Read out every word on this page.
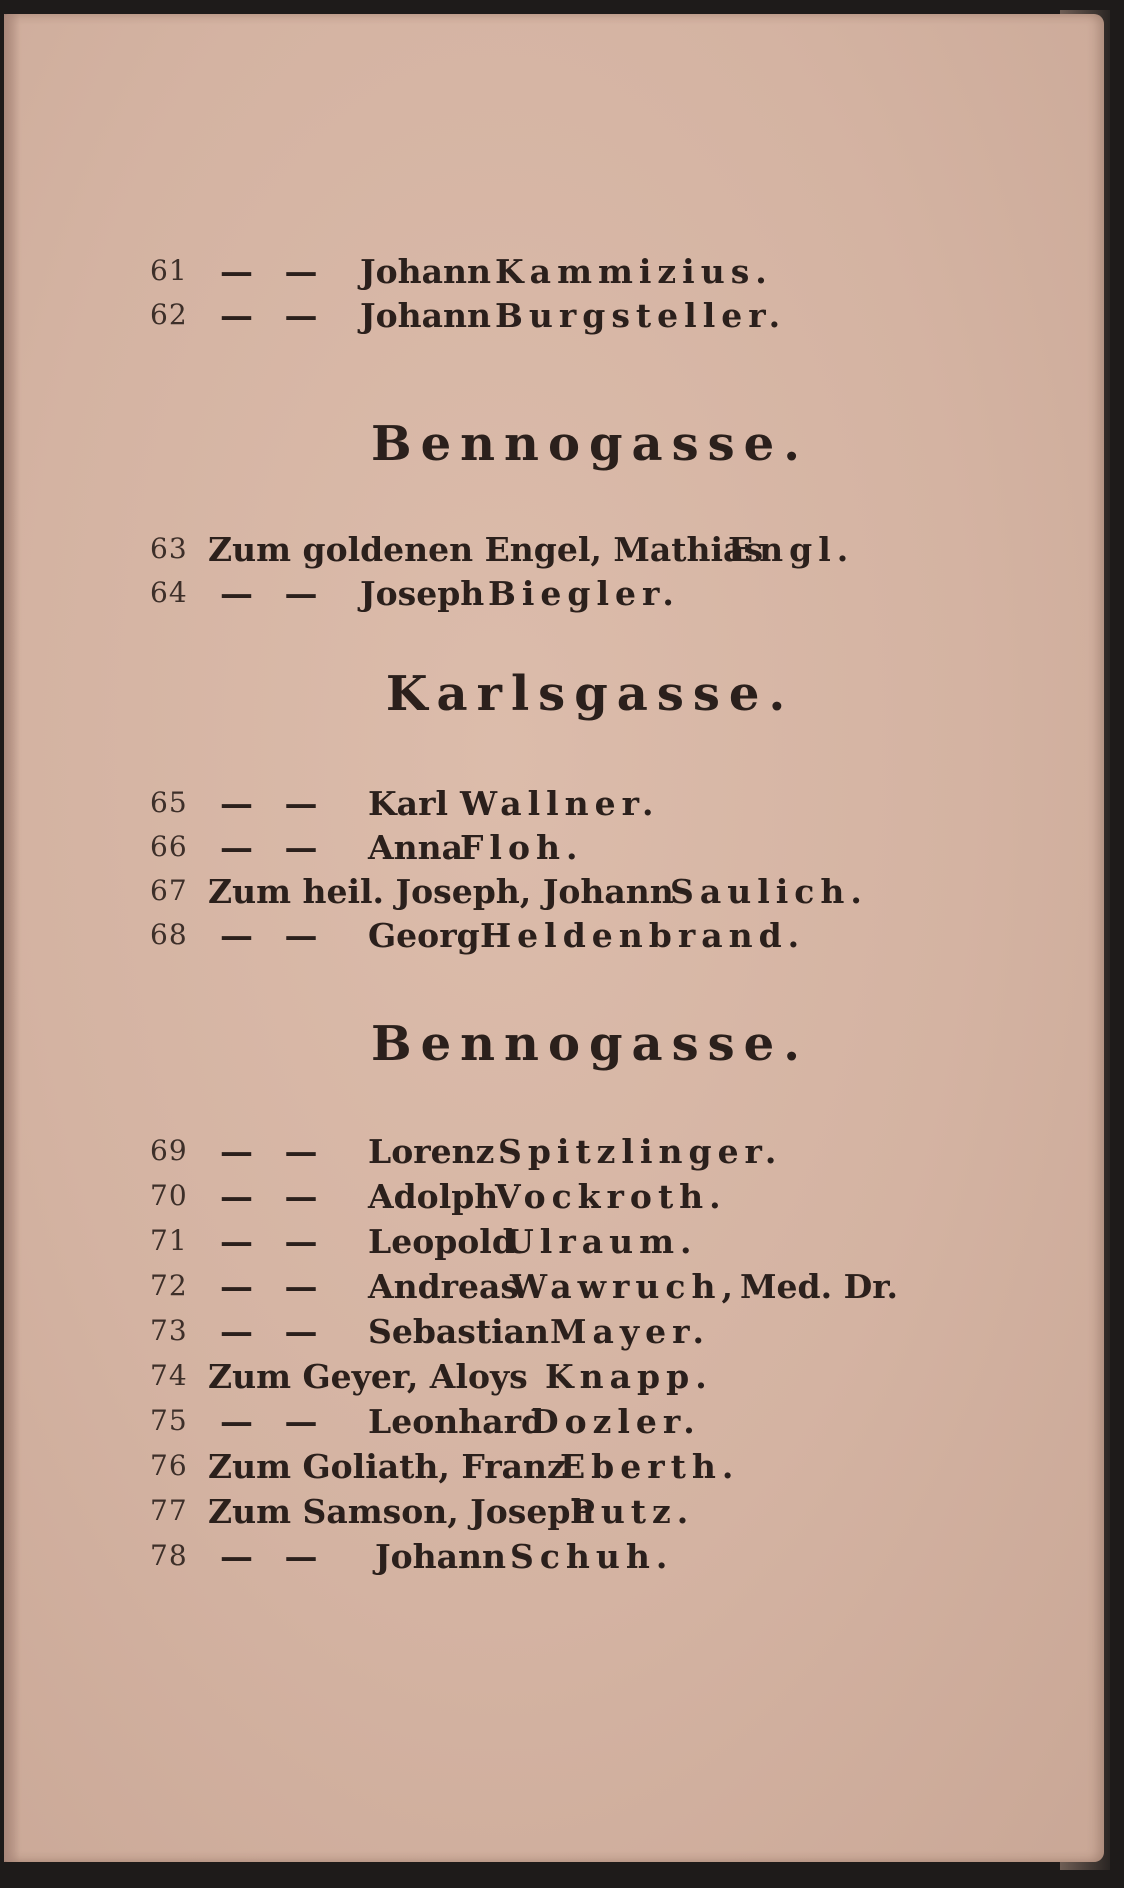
61 — — Johann Kammizius.
62 — — Johann Burgsteller.
Bennogasse.
63 Zum goldenen Engel, Mathias
Engl.
64 — — Joseph Biegler.
Karlsgasse.
65 — — Karl Wallner.
66 — — Anna
Floh.
67 Zum heil. Joseph, Johann
Saulich.
68 — — Georg Heldenbrand.
Bennogasse.
69 — — Lorenz Spitzlinger.
70 — — Adolph
Vockroth.
71 — — Leopold
Ulraum.
72 — — Andreas
Wawruch, Med. Dr.
73 — — Sebastian Mayer.
74 Zum Geyer, Aloys Knapp.
75 — — Leonhard
Dozler.
76 Zum Goliath, Franz
Eberth.
77 Zum Samson, Joseph
Putz.
78 — — Johann Schuh.
